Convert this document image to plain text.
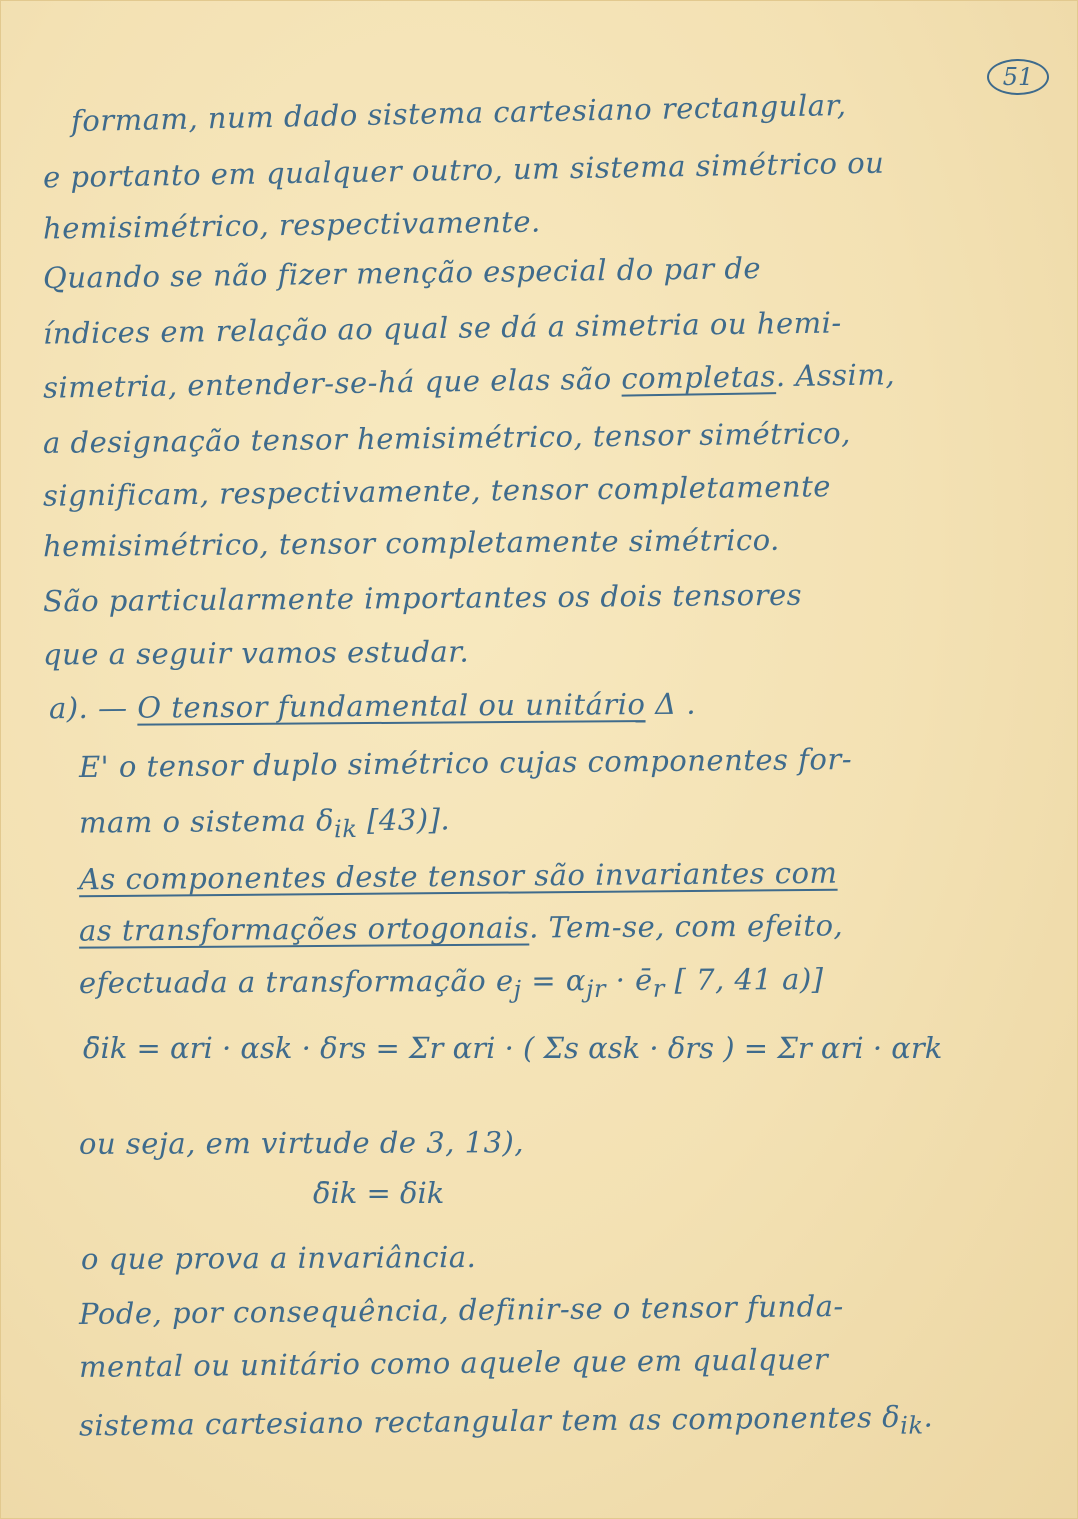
51
formam, num dado sistema cartesiano rectangular,
e portanto em qualquer outro, um sistema simétrico ou
hemisimétrico, respectivamente.
Quando se não fizer menção especial do par de
índices em relação ao qual se dá a simetria ou hemi-
simetria, entender-se-há que elas são completas. Assim,
a designação tensor hemisimétrico, tensor simétrico,
significam, respectivamente, tensor completamente
hemisimétrico, tensor completamente simétrico.
São particularmente importantes os dois tensores
que a seguir vamos estudar.
a). — O tensor fundamental ou unitário Δ .
E' o tensor duplo simétrico cujas componentes for-
mam o sistema $\delta_{ik}$ [43)].
As componentes deste tensor são invariantes com
as transformações ortogonais. Tem-se, com efeito,
efectuada a transformação $e_j = \alpha_{jr}$ · $ē_r$ [ 7, 41 a)]
δ̄ik = αri · αsk · δrs = Σr αri · ( Σs αsk · δrs ) = Σr αri · αrk
ou seja, em virtude de 3, 13),
δ̄ik = δik
o que prova a invariância.
Pode, por consequência, definir-se o tensor funda-
mental ou unitário como aquele que em qualquer
sistema cartesiano rectangular tem as componentes $\delta_{ik}$.
